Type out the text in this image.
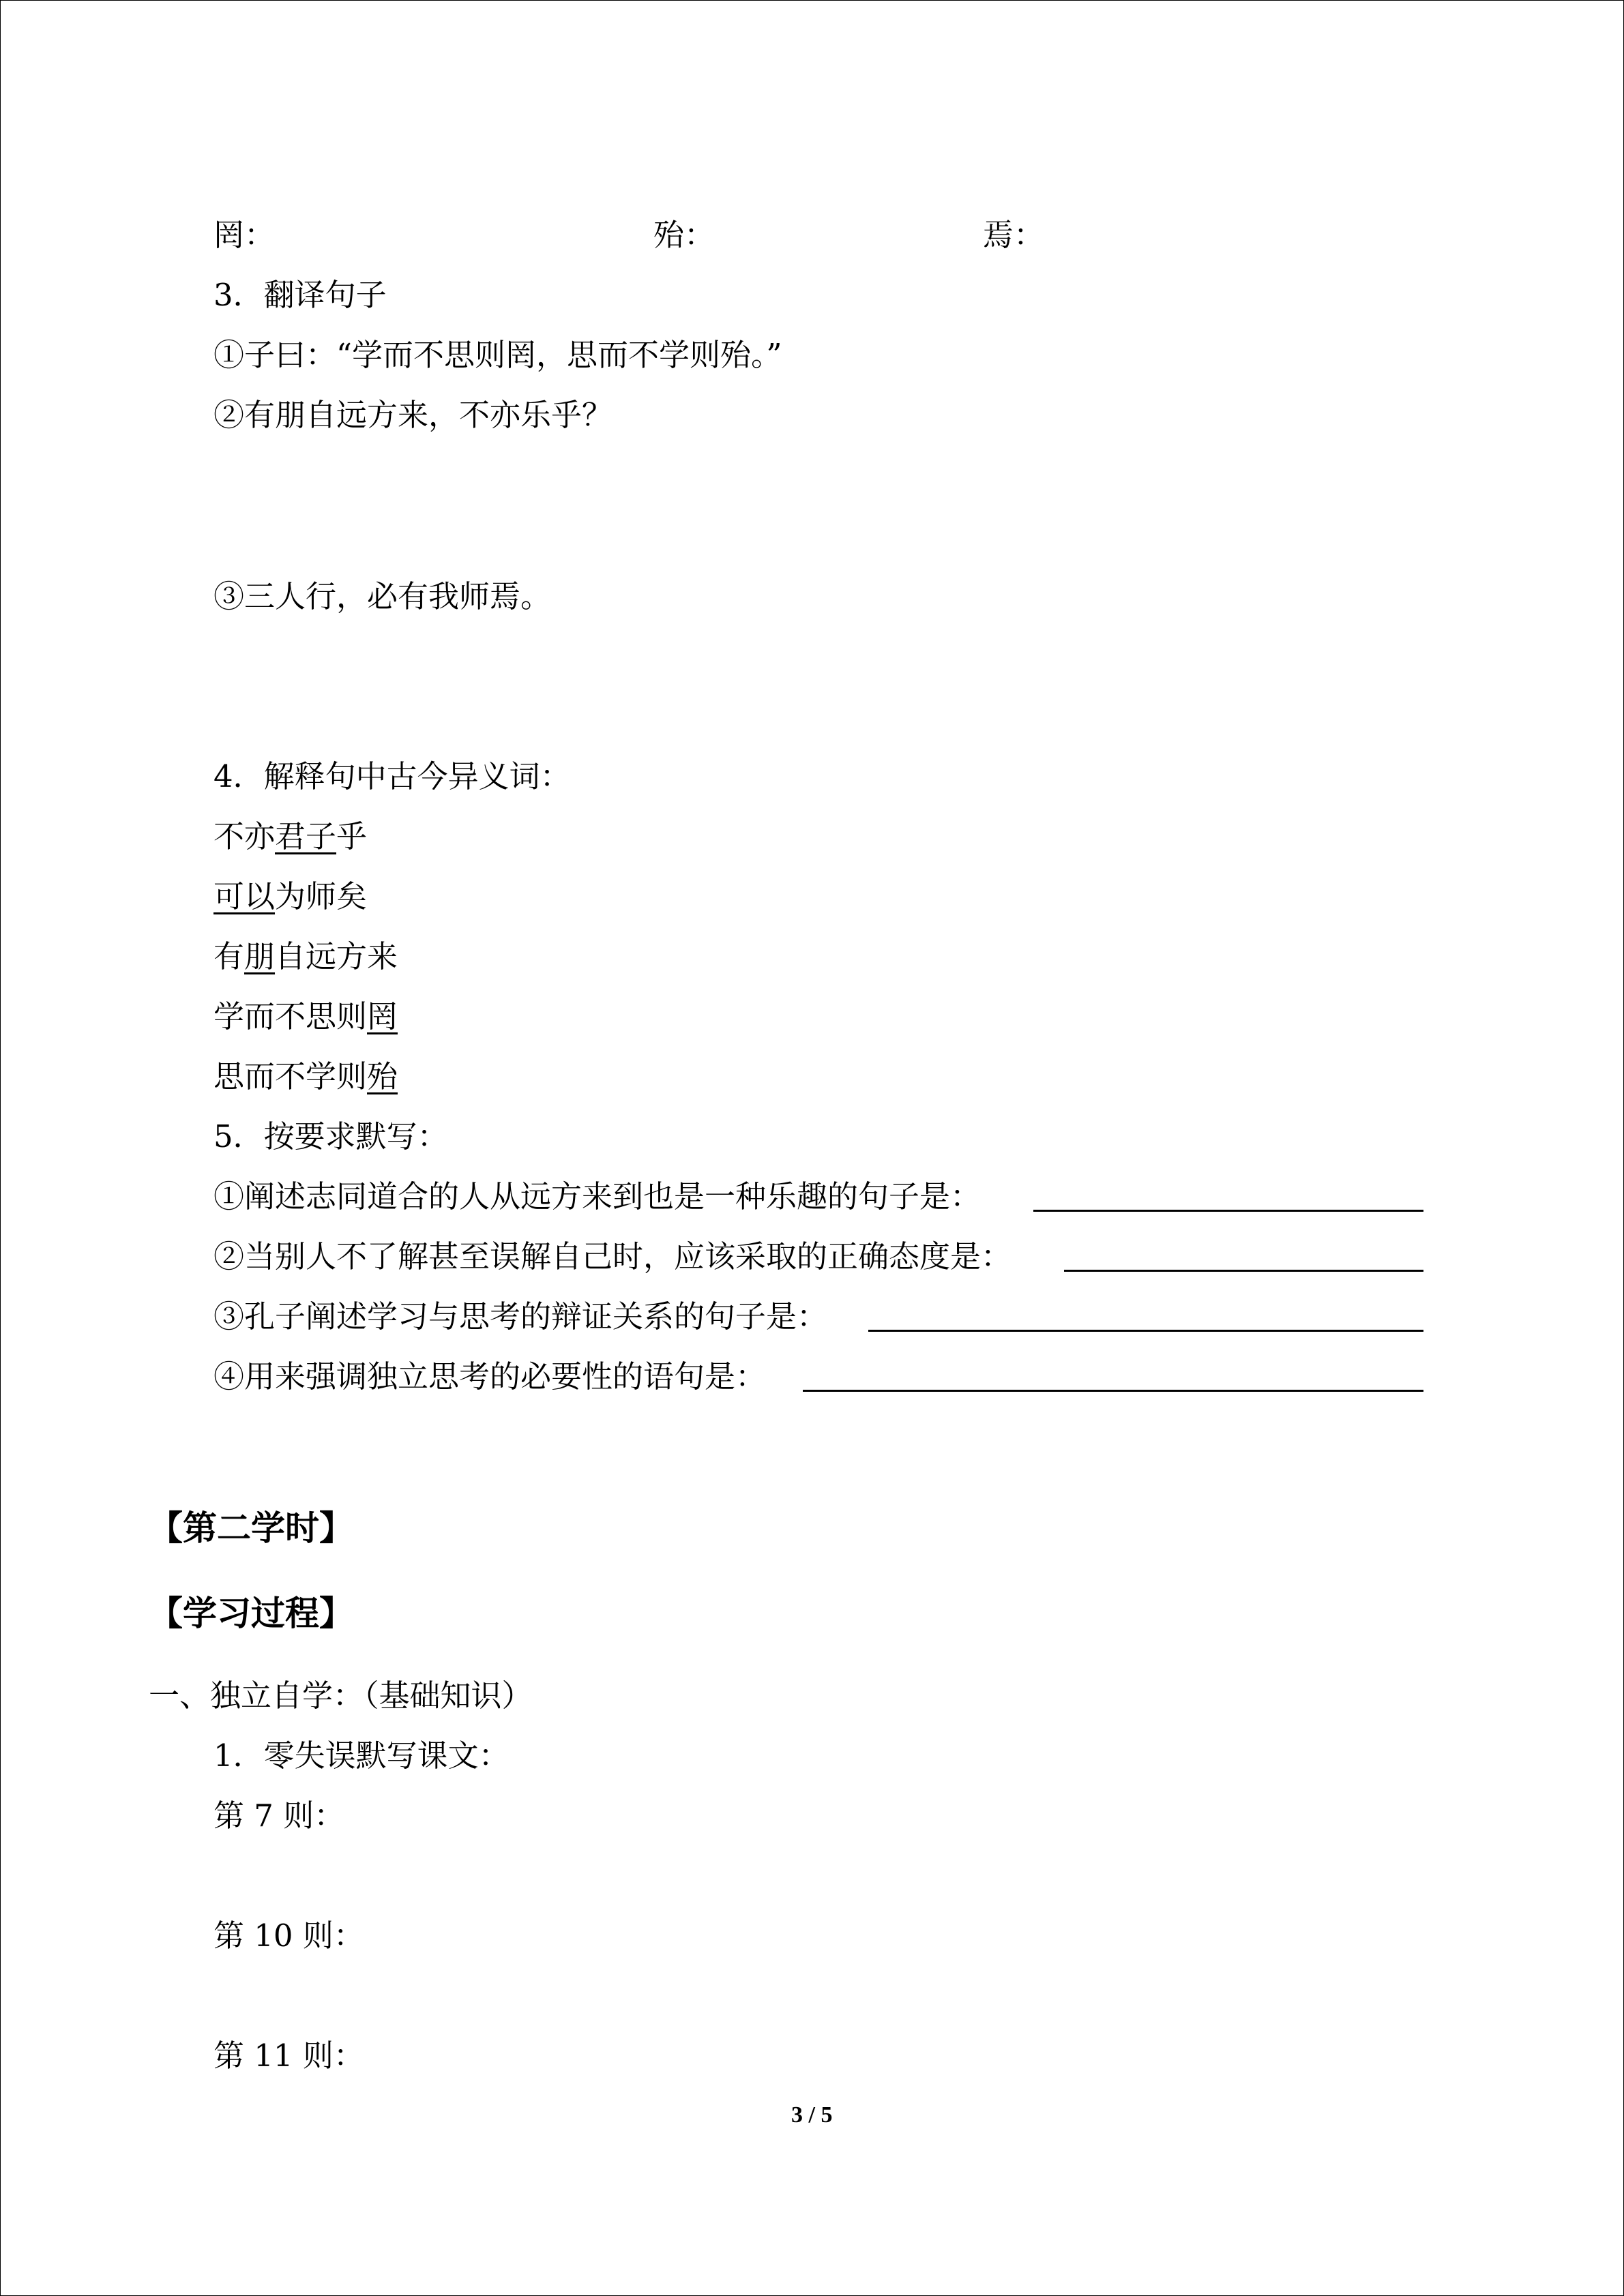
罔：	殆：	焉：
3．翻译句子
①子曰：“学而不思则罔，思而不学则殆。”
②有朋自远方来，不亦乐乎？
③三人行，必有我师焉。
4．解释句中古今异义词：
不亦君子乎
可以为师矣
有朋自远方来
学而不思则罔
思而不学则殆
5．按要求默写：
①阐述志同道合的人从远方来到也是一种乐趣的句子是：
②当别人不了解甚至误解自己时，应该采取的正确态度是：
③孔子阐述学习与思考的辩证关系的句子是：
④用来强调独立思考的必要性的语句是：
【第二学时】
【学习过程】
一、独立自学：（基础知识）
1．零失误默写课文：
第 7 则：
第 10 则：
第 11 则：
3 / 5
